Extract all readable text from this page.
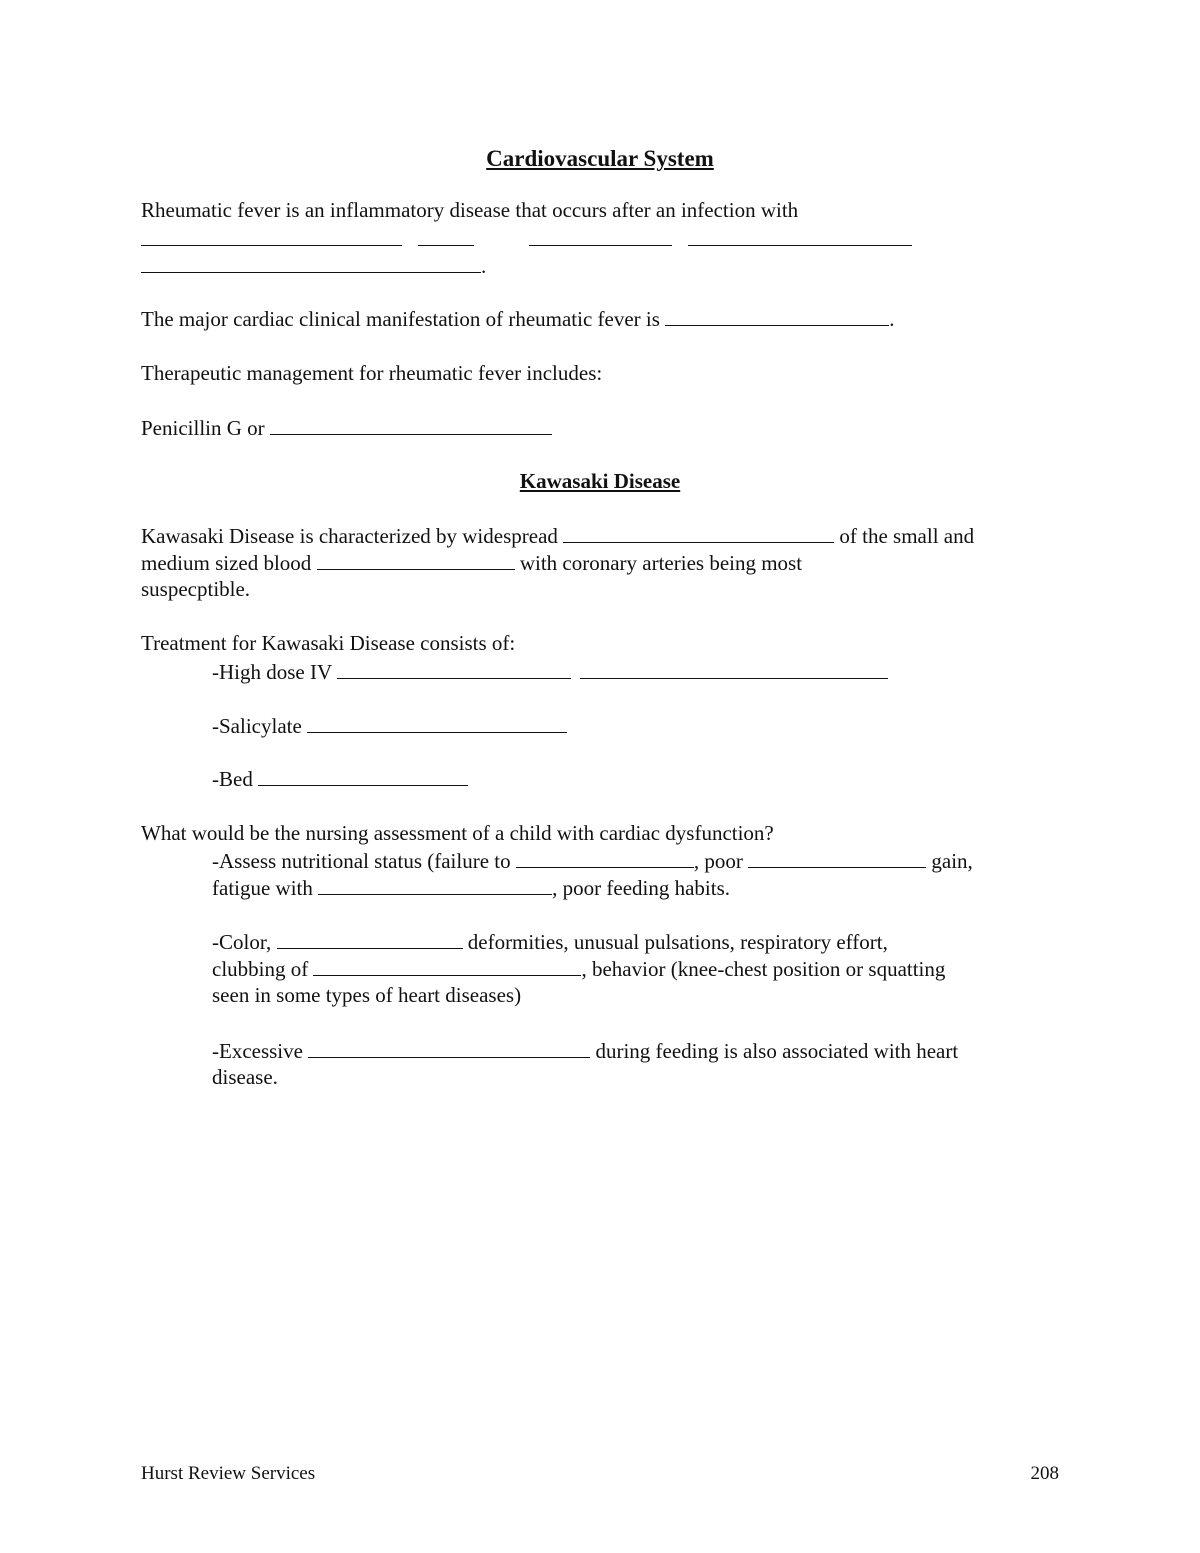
Cardiovascular System
Rheumatic fever is an inflammatory disease that occurs after an infection with
.
The major cardiac clinical manifestation of rheumatic fever is	.
Therapeutic management for rheumatic fever includes:
Penicillin G or
Kawasaki Disease
Kawasaki Disease is characterized by widespread	of the small and
medium sized blood	with coronary arteries being most
suspecptible.
Treatment for Kawasaki Disease consists of:
-High dose IV
-Salicylate
-Bed
What would be the nursing assessment of a child with cardiac dysfunction?
-Assess nutritional status (failure to	, poor	gain,
fatigue with	, poor feeding habits.
-Color,	deformities, unusual pulsations, respiratory effort,
clubbing of	, behavior (knee-chest position or squatting
seen in some types of heart diseases)
-Excessive	during feeding is also associated with heart
disease.
Hurst Review Services	208
